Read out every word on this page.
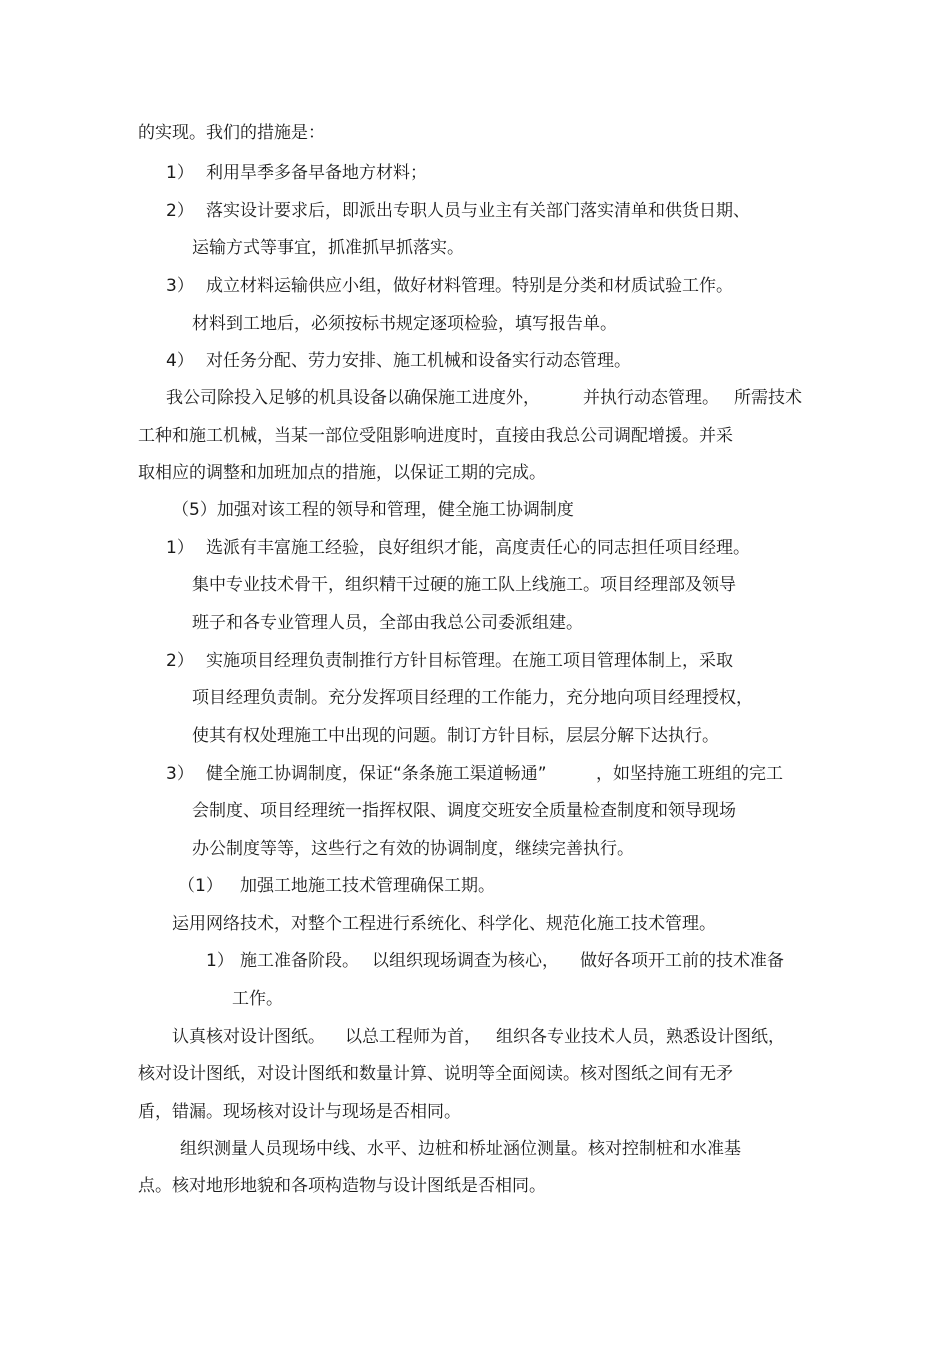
的实现。我们的措施是：
1） 利用旱季多备早备地方材料；
2） 落实设计要求后，即派出专职人员与业主有关部门落实清单和供货日期、
运输方式等事宜，抓准抓早抓落实。
3） 成立材料运输供应小组，做好材料管理。特别是分类和材质试验工作。
材料到工地后，必须按标书规定逐项检验，填写报告单。
4） 对任务分配、劳力安排、施工机械和设备实行动态管理。
我公司除投入足够的机具设备以确保施工进度外，	并执行动态管理。 所需技术
工种和施工机械，当某一部位受阻影响进度时，直接由我总公司调配增援。并采
取相应的调整和加班加点的措施，以保证工期的完成。
（5）加强对该工程的领导和管理，健全施工协调制度
1） 选派有丰富施工经验，良好组织才能，高度责任心的同志担任项目经理。
集中专业技术骨干，组织精干过硬的施工队上线施工。项目经理部及领导
班子和各专业管理人员，全部由我总公司委派组建。
2） 实施项目经理负责制推行方针目标管理。在施工项目管理体制上，采取
项目经理负责制。充分发挥项目经理的工作能力，充分地向项目经理授权，
使其有权处理施工中出现的问题。制订方针目标，层层分解下达执行。
3） 健全施工协调制度，保证“条条施工渠道畅通”	，如坚持施工班组的完工
会制度、项目经理统一指挥权限、调度交班安全质量检查制度和领导现场
办公制度等等，这些行之有效的协调制度，继续完善执行。
（1） 加强工地施工技术管理确保工期。
运用网络技术，对整个工程进行系统化、科学化、规范化施工技术管理。
1） 施工准备阶段。 以组织现场调查为核心， 做好各项开工前的技术准备
工作。
认真核对设计图纸。 以总工程师为首， 组织各专业技术人员，熟悉设计图纸，
核对设计图纸，对设计图纸和数量计算、说明等全面阅读。核对图纸之间有无矛
盾，错漏。现场核对设计与现场是否相同。
组织测量人员现场中线、水平、边桩和桥址涵位测量。核对控制桩和水准基
点。核对地形地貌和各项构造物与设计图纸是否相同。
